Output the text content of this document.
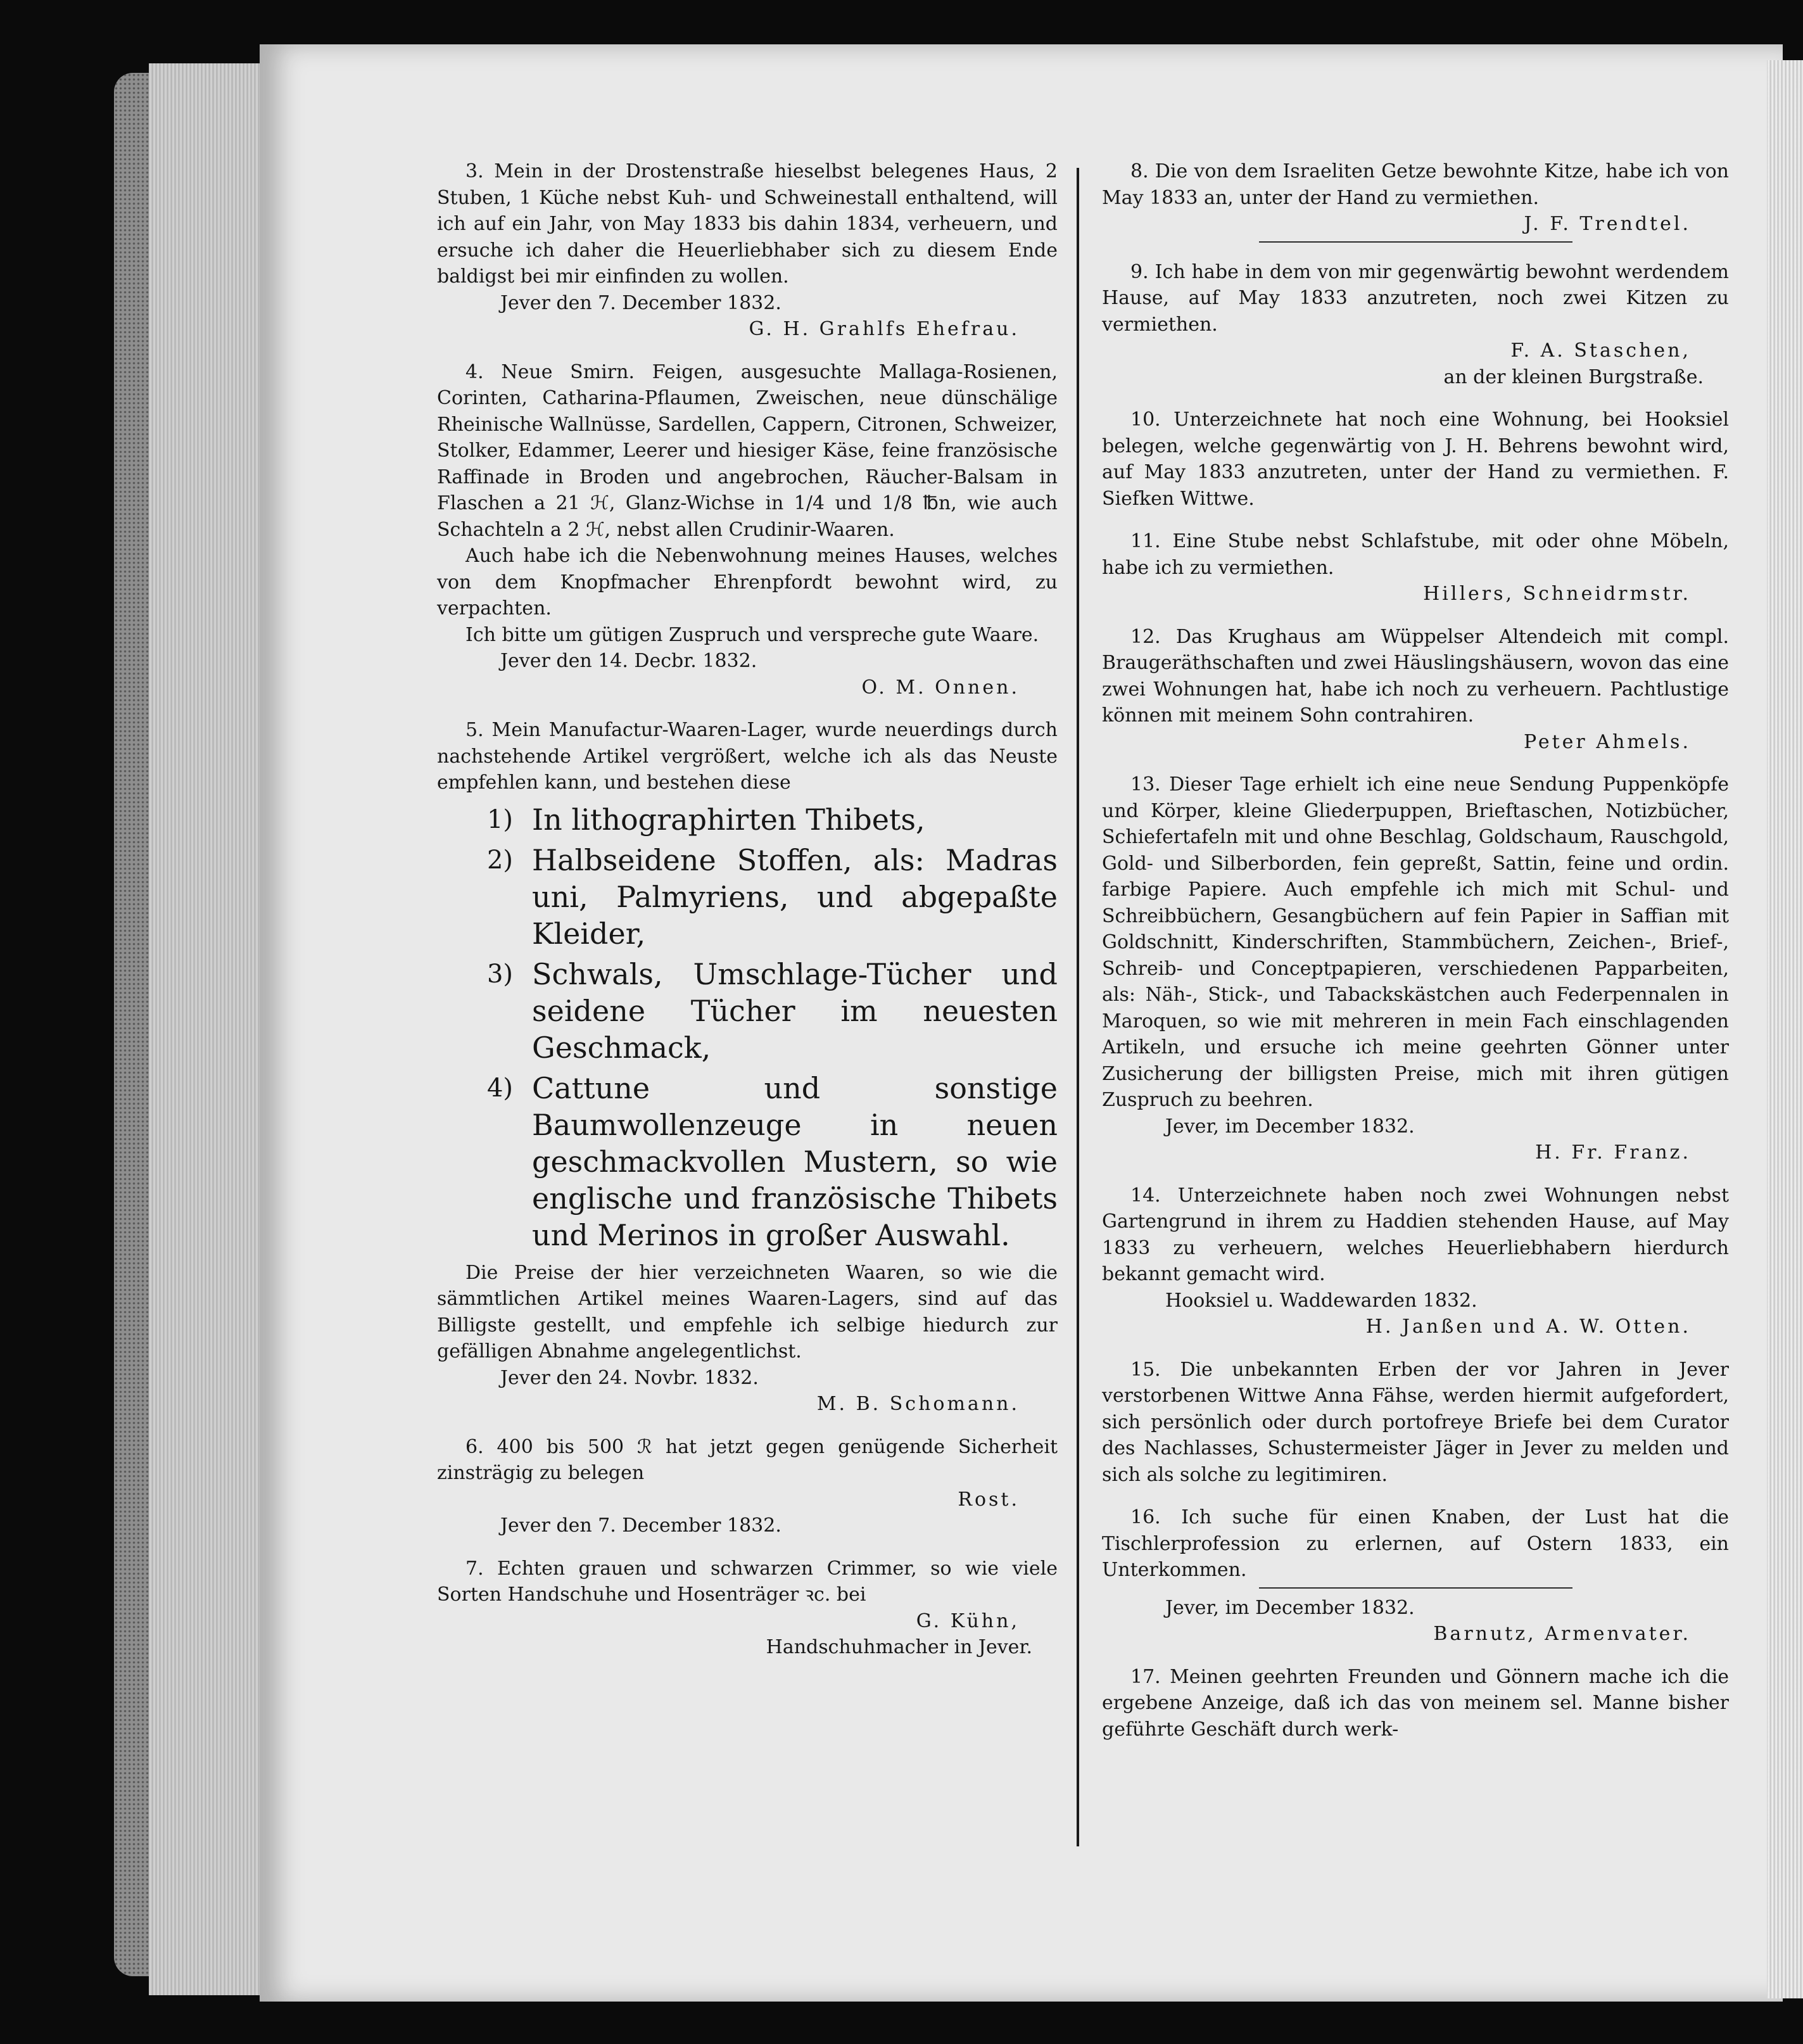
3. Mein in der Drostenstraße hieselbst belegenes Haus, 2 Stuben, 1 Küche nebst Kuh- und Schweinestall enthaltend, will ich auf ein Jahr, von May 1833 bis dahin 1834, verheuern, und ersuche ich daher die Heuerliebhaber sich zu diesem Ende baldigst bei mir einfinden zu wollen.

Jever den 7. December 1832.

G. H. Grahlfs Ehefrau.

4. Neue Smirn. Feigen, ausgesuchte Mallaga-Rosienen, Corinten, Catharina-Pflaumen, Zweischen, neue dünschälige Rheinische Wallnüsse, Sardellen, Cappern, Citronen, Schweizer, Stolker, Edammer, Leerer und hiesiger Käse, feine französische Raffinade in Broden und angebrochen, Räucher-Balsam in Flaschen a 21 ℋ, Glanz-Wichse in 1/4 und 1/8 ℔n, wie auch Schachteln a 2 ℋ, nebst allen Crudinir-Waaren.

Auch habe ich die Nebenwohnung meines Hauses, welches von dem Knopfmacher Ehrenpfordt bewohnt wird, zu verpachten.

Ich bitte um gütigen Zuspruch und verspreche gute Waare.

Jever den 14. Decbr. 1832.

O. M. Onnen.

5. Mein Manufactur-Waaren-Lager, wurde neuerdings durch nachstehende Artikel vergrößert, welche ich als das Neuste empfehlen kann, und bestehen diese

1) In lithographirten Thibets,
2) Halbseidene Stoffen, als: Madras uni, Palmyriens, und abgepaßte Kleider,
3) Schwals, Umschlage-Tücher und seidene Tücher im neuesten Geschmack,
4) Cattune und sonstige Baumwollenzeuge in neuen geschmackvollen Mustern, so wie englische und französische Thibets und Merinos in großer Auswahl.

Die Preise der hier verzeichneten Waaren, so wie die sämmtlichen Artikel meines Waaren-Lagers, sind auf das Billigste gestellt, und empfehle ich selbige hiedurch zur gefälligen Abnahme angelegentlichst.

Jever den 24. Novbr. 1832.

M. B. Schomann.

6. 400 bis 500 ℛ hat jetzt gegen genügende Sicherheit zinsträgig zu belegen

Rost.

Jever den 7. December 1832.

7. Echten grauen und schwarzen Crimmer, so wie viele Sorten Handschuhe und Hosenträger ꝛc. bei

G. Kühn,

Handschuhmacher in Jever.

8. Die von dem Israeliten Getze bewohnte Kitze, habe ich von May 1833 an, unter der Hand zu vermiethen.

J. F. Trendtel.

9. Ich habe in dem von mir gegenwärtig bewohnt werdendem Hause, auf May 1833 anzutreten, noch zwei Kitzen zu vermiethen.

F. A. Staschen,

an der kleinen Burgstraße.

10. Unterzeichnete hat noch eine Wohnung, bei Hooksiel belegen, welche gegenwärtig von J. H. Behrens bewohnt wird, auf May 1833 anzutreten, unter der Hand zu vermiethen. F. Siefken Wittwe.

11. Eine Stube nebst Schlafstube, mit oder ohne Möbeln, habe ich zu vermiethen.

Hillers, Schneidrmstr.

12. Das Krughaus am Wüppelser Altendeich mit compl. Braugeräthschaften und zwei Häuslingshäusern, wovon das eine zwei Wohnungen hat, habe ich noch zu verheuern. Pachtlustige können mit meinem Sohn contrahiren.

Peter Ahmels.

13. Dieser Tage erhielt ich eine neue Sendung Puppenköpfe und Körper, kleine Gliederpuppen, Brieftaschen, Notizbücher, Schiefertafeln mit und ohne Beschlag, Goldschaum, Rauschgold, Gold- und Silberborden, fein gepreßt, Sattin, feine und ordin. farbige Papiere. Auch empfehle ich mich mit Schul- und Schreibbüchern, Gesangbüchern auf fein Papier in Saffian mit Goldschnitt, Kinderschriften, Stammbüchern, Zeichen-, Brief-, Schreib- und Conceptpapieren, verschiedenen Papparbeiten, als: Näh-, Stick-, und Tabackskästchen auch Federpennalen in Maroquen, so wie mit mehreren in mein Fach einschlagenden Artikeln, und ersuche ich meine geehrten Gönner unter Zusicherung der billigsten Preise, mich mit ihren gütigen Zuspruch zu beehren.

Jever, im December 1832.

H. Fr. Franz.

14. Unterzeichnete haben noch zwei Wohnungen nebst Gartengrund in ihrem zu Haddien stehenden Hause, auf May 1833 zu verheuern, welches Heuerliebhabern hierdurch bekannt gemacht wird.

Hooksiel u. Waddewarden 1832.

H. Janßen und A. W. Otten.

15. Die unbekannten Erben der vor Jahren in Jever verstorbenen Wittwe Anna Fähse, werden hiermit aufgefordert, sich persönlich oder durch portofreye Briefe bei dem Curator des Nachlasses, Schustermeister Jäger in Jever zu melden und sich als solche zu legitimiren.

16. Ich suche für einen Knaben, der Lust hat die Tischlerprofession zu erlernen, auf Ostern 1833, ein Unterkommen.

Jever, im December 1832.

Barnutz, Armenvater.

17. Meinen geehrten Freunden und Gönnern mache ich die ergebene Anzeige, daß ich das von meinem sel. Manne bisher geführte Geschäft durch werk-
